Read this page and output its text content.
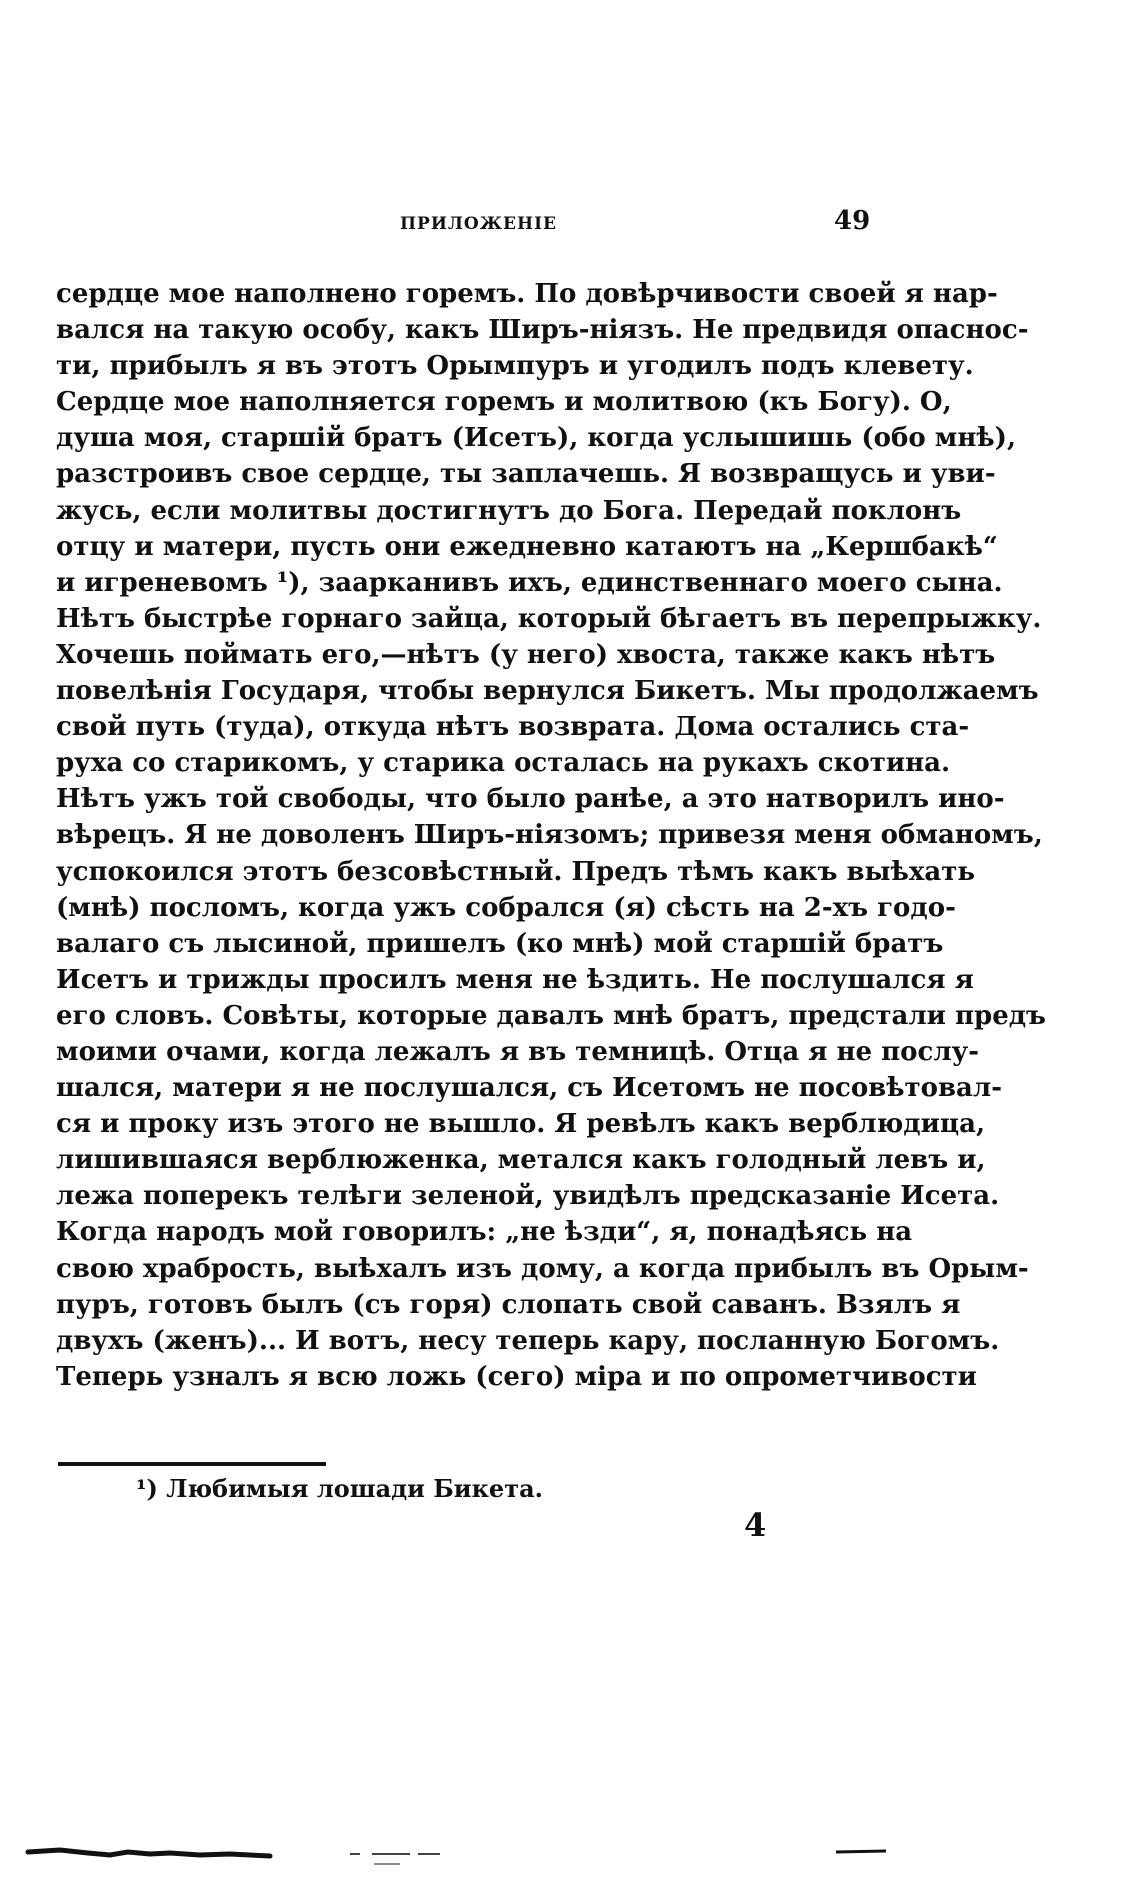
ПРИЛОЖЕНІЕ	49
сердце мое наполнено горемъ. По довѣрчивости своей я нар-
вался на такую особу, какъ Ширъ-ніязъ. Не предвидя опаснос-
ти, прибылъ я въ этотъ Орымпуръ и угодилъ подъ клевету.
Сердце мое наполняется горемъ и молитвою (къ Богу). О,
душа моя, старшій братъ (Исетъ), когда услышишь (обо мнѣ),
разстроивъ свое сердце, ты заплачешь. Я возвращусь и уви-
жусь, если молитвы достигнутъ до Бога. Передай поклонъ
отцу и матери, пусть они ежедневно катаютъ на „Кершбакѣ“
и игреневомъ ¹), заарканивъ ихъ, единственнаго моего сына.
Нѣтъ быстрѣе горнаго зайца, который бѣгаетъ въ перепрыжку.
Хочешь поймать его,—нѣтъ (у него) хвоста, также какъ нѣтъ
повелѣнія Государя, чтобы вернулся Бикетъ. Мы продолжаемъ
свой путь (туда), откуда нѣтъ возврата. Дома остались ста-
руха со старикомъ, у старика осталась на рукахъ скотина.
Нѣтъ ужъ той свободы, что было ранѣе, а это натворилъ ино-
вѣрецъ. Я не доволенъ Ширъ-ніязомъ; привезя меня обманомъ,
успокоился этотъ безсовѣстный. Предъ тѣмъ какъ выѣхать
(мнѣ) посломъ, когда ужъ собрался (я) сѣсть на 2-хъ годо-
валаго съ лысиной, пришелъ (ко мнѣ) мой старшій братъ
Исетъ и трижды просилъ меня не ѣздить. Не послушался я
его словъ. Совѣты, которые давалъ мнѣ братъ, предстали предъ
моими очами, когда лежалъ я въ темницѣ. Отца я не послу-
шался, матери я не послушался, съ Исетомъ не посовѣтовал-
ся и проку изъ этого не вышло. Я ревѣлъ какъ верблюдица,
лишившаяся верблюженка, метался какъ голодный левъ и,
лежа поперекъ телѣги зеленой, увидѣлъ предсказаніе Исета.
Когда народъ мой говорилъ: „не ѣзди“, я, понадѣясь на
свою храбрость, выѣхалъ изъ дому, а когда прибылъ въ Орым-
пуръ, готовъ былъ (съ горя) слопать свой саванъ. Взялъ я
двухъ (женъ)... И вотъ, несу теперь кару, посланную Богомъ.
Теперь узналъ я всю ложь (сего) міра и по опрометчивости
¹) Любимыя лошади Бикета.
4
